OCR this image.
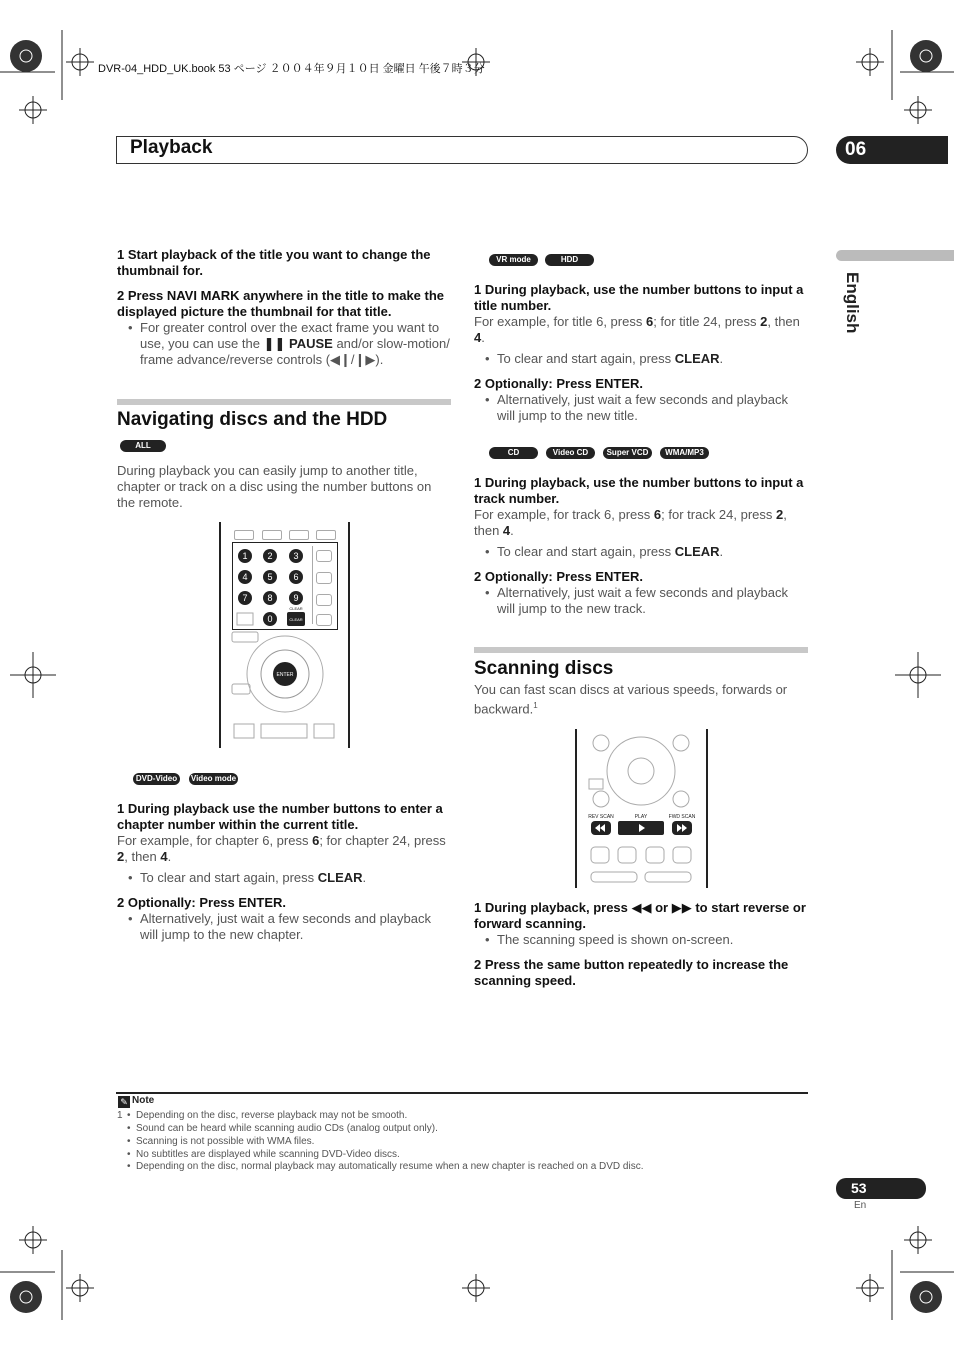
DVR-04_HDD_UK.book 53 ページ ２００４年９月１０日 金曜日 午後７時３分
Playback	06
English
1 Start playback of the title you want to change the thumbnail for.
2 Press NAVI MARK anywhere in the title to make the displayed picture the thumbnail for that title.
• For greater control over the exact frame you want to use, you can use the ❚❚ PAUSE and/or slow-motion/ frame advance/reverse controls (◀❙/❙▶).
Navigating discs and the HDD
ALL
During playback you can easily jump to another title, chapter or track on a disc using the number buttons on the remote.
1 2 3
4 5 6
7 8 9
0	CLEAR
CLEAR
ENTER
DVD-Video	Video mode
1 During playback use the number buttons to enter a chapter number within the current title.
For example, for chapter 6, press 6; for chapter 24, press 2, then 4.
• To clear and start again, press CLEAR.
2 Optionally: Press ENTER.
• Alternatively, just wait a few seconds and playback will jump to the new chapter.
VR mode	HDD
1 During playback, use the number buttons to input a title number.
For example, for title 6, press 6; for title 24, press 2, then 4.
• To clear and start again, press CLEAR.
2 Optionally: Press ENTER.
• Alternatively, just wait a few seconds and playback will jump to the new title.
CD	Video CD	Super VCD	WMA/MP3
1 During playback, use the number buttons to input a track number.
For example, for track 6, press 6; for track 24, press 2, then 4.
• To clear and start again, press CLEAR.
2 Optionally: Press ENTER.
• Alternatively, just wait a few seconds and playback will jump to the new track.
Scanning discs
You can fast scan discs at various speeds, forwards or backward.$^1$
REV SCAN	PLAY	FWD SCAN
1 During playback, press ◀◀ or ▶▶ to start reverse or forward scanning.
• The scanning speed is shown on-screen.
2 Press the same button repeatedly to increase the scanning speed.
✎ Note
1
• Depending on the disc, reverse playback may not be smooth.
• Sound can be heard while scanning audio CDs (analog output only).
• Scanning is not possible with WMA files.
• No subtitles are displayed while scanning DVD-Video discs.
• Depending on the disc, normal playback may automatically resume when a new chapter is reached on a DVD disc.
53
En
